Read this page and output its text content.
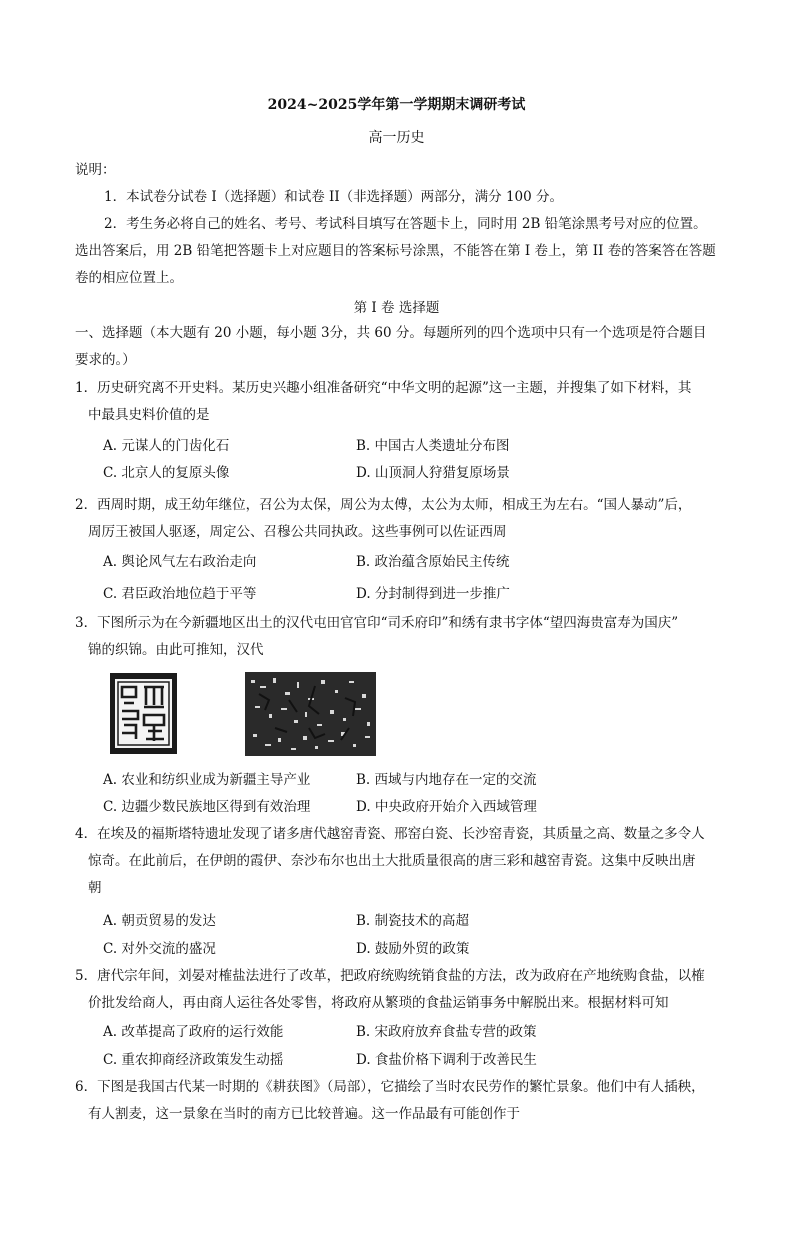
2024~2025学年第一学期期末调研考试
高一历史
说明：
1．本试卷分试卷 I（选择题）和试卷 II（非选择题）两部分，满分 100 分。
2．考生务必将自己的姓名、考号、考试科目填写在答题卡上，同时用 2B 铅笔涂黑考号对应的位置。
选出答案后，用 2B 铅笔把答题卡上对应题目的答案标号涂黑，不能答在第 I 卷上，第 II 卷的答案答在答题
卷的相应位置上。
第 I 卷 选择题
一、选择题（本大题有 20 小题，每小题 3分，共 60 分。每题所列的四个选项中只有一个选项是符合题目
要求的。）
1．历史研究离不开史料。某历史兴趣小组准备研究“中华文明的起源”这一主题，并搜集了如下材料，其
中最具史料价值的是
A. 元谋人的门齿化石	B. 中国古人类遗址分布图
C. 北京人的复原头像	D. 山顶洞人狩猎复原场景
2．西周时期，成王幼年继位，召公为太保，周公为太傅，太公为太师，相成王为左右。“国人暴动”后，
周厉王被国人驱逐，周定公、召穆公共同执政。这些事例可以佐证西周
A. 舆论风气左右政治走向	B. 政治蕴含原始民主传统
C. 君臣政治地位趋于平等	D. 分封制得到进一步推广
3．下图所示为在今新疆地区出土的汉代屯田官官印“司禾府印”和绣有隶书字体“望四海贵富寿为国庆”
锦的织锦。由此可推知，汉代
A. 农业和纺织业成为新疆主导产业	B. 西域与内地存在一定的交流
C. 边疆少数民族地区得到有效治理	D. 中央政府开始介入西域管理
4．在埃及的福斯塔特遗址发现了诸多唐代越窑青瓷、邢窑白瓷、长沙窑青瓷，其质量之高、数量之多令人
惊奇。在此前后，在伊朗的霞伊、奈沙布尔也出土大批质量很高的唐三彩和越窑青瓷。这集中反映出唐
朝
A. 朝贡贸易的发达	B. 制瓷技术的高超
C. 对外交流的盛况	D. 鼓励外贸的政策
5．唐代宗年间，刘晏对榷盐法进行了改革，把政府统购统销食盐的方法，改为政府在产地统购食盐，以榷
价批发给商人，再由商人运往各处零售，将政府从繁琐的食盐运销事务中解脱出来。根据材料可知
A. 改革提高了政府的运行效能	B. 宋政府放弃食盐专营的政策
C. 重农抑商经济政策发生动摇	D. 食盐价格下调利于改善民生
6．下图是我国古代某一时期的《耕获图》（局部），它描绘了当时农民劳作的繁忙景象。他们中有人插秧，
有人割麦，这一景象在当时的南方已比较普遍。这一作品最有可能创作于
